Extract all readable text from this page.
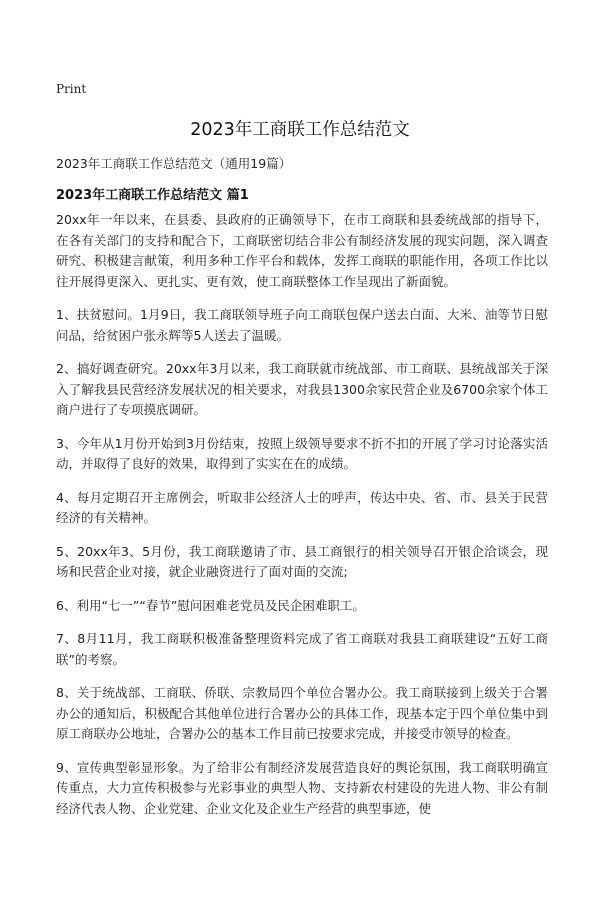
Print
2023年工商联工作总结范文

2023年工商联工作总结范文（通用19篇）

2023年工商联工作总结范文 篇1

20xx年一年以来，在县委、县政府的正确领导下，在市工商联和县委统战部的指导下，在各有关部门的支持和配合下，工商联密切结合非公有制经济发展的现实问题，深入调查研究、积极建言献策，利用多种工作平台和载体，发挥工商联的职能作用，各项工作比以往开展得更深入、更扎实、更有效，使工商联整体工作呈现出了新面貌。

1、扶贫慰问。1月9日，我工商联领导班子向工商联包保户送去白面、大米、油等节日慰问品，给贫困户张永辉等5人送去了温暖。

2、搞好调查研究。20xx年3月以来，我工商联就市统战部、市工商联、县统战部关于深入了解我县民营经济发展状况的相关要求，对我县1300余家民营企业及6700余家个体工商户进行了专项摸底调研。

3、今年从1月份开始到3月份结束，按照上级领导要求不折不扣的开展了学习讨论落实活动，并取得了良好的效果，取得到了实实在在的成绩。

4、每月定期召开主席例会，听取非公经济人士的呼声，传达中央、省、市、县关于民营经济的有关精神。

5、20xx年3、5月份，我工商联邀请了市、县工商银行的相关领导召开银企洽谈会，现场和民营企业对接，就企业融资进行了面对面的交流;

6、利用“七一”“春节”慰问困难老党员及民企困难职工。

7、8月11月，我工商联积极准备整理资料完成了省工商联对我县工商联建设“五好工商联”的考察。

8、关于统战部、工商联、侨联、宗教局四个单位合署办公。我工商联接到上级关于合署办公的通知后，积极配合其他单位进行合署办公的具体工作，现基本定于四个单位集中到原工商联办公地址，合署办公的基本工作目前已按要求完成，并接受市领导的检查。

9、宣传典型彰显形象。为了给非公有制经济发展营造良好的舆论氛围，我工商联明确宣传重点，大力宣传积极参与光彩事业的典型人物、支持新农村建设的先进人物、非公有制经济代表人物、企业党建、企业文化及企业生产经营的典型事迹，使
